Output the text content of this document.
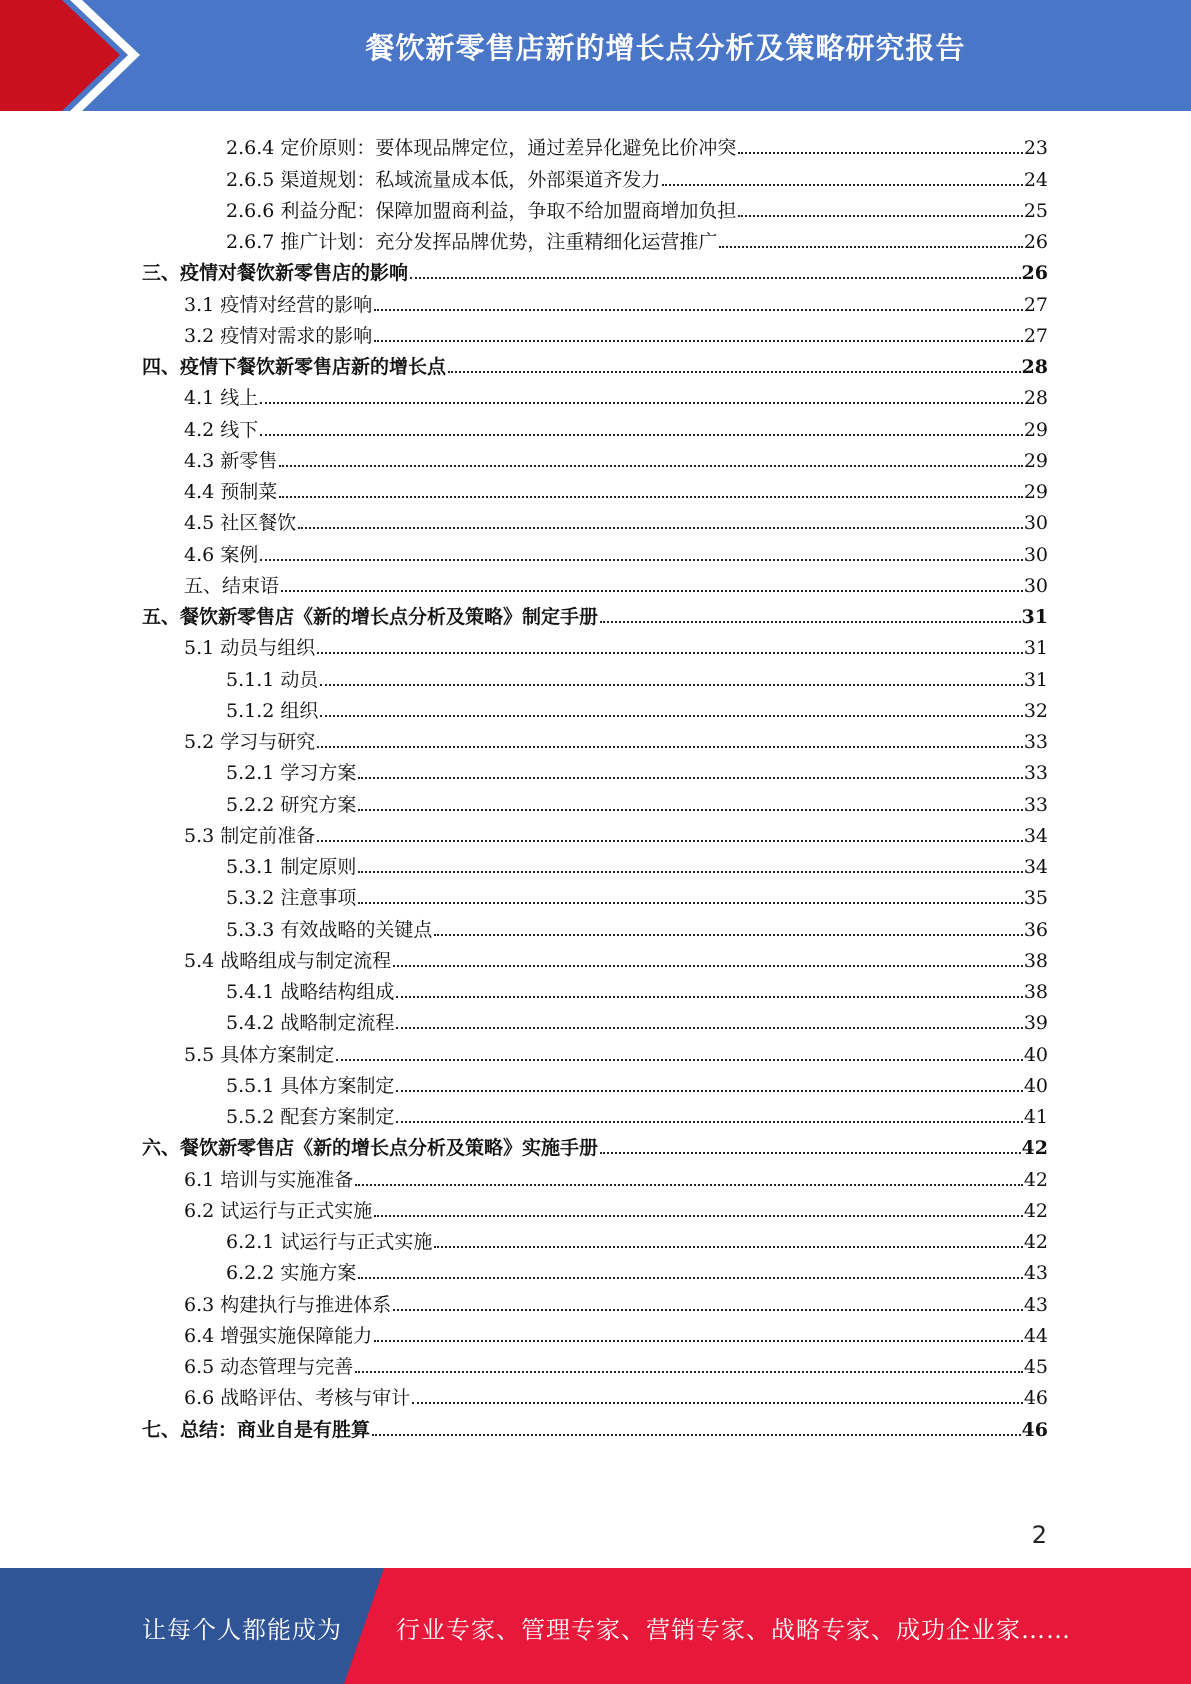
餐饮新零售店新的增长点分析及策略研究报告
2.6.4 定价原则：要体现品牌定位，通过差异化避免比价冲突	23
2.6.5 渠道规划：私域流量成本低，外部渠道齐发力	24
2.6.6 利益分配：保障加盟商利益，争取不给加盟商增加负担	25
2.6.7 推广计划：充分发挥品牌优势，注重精细化运营推广	26
三、疫情对餐饮新零售店的影响	26
3.1 疫情对经营的影响	27
3.2 疫情对需求的影响	27
四、疫情下餐饮新零售店新的增长点	28
4.1 线上	28
4.2 线下	29
4.3 新零售	29
4.4 预制菜	29
4.5 社区餐饮	30
4.6 案例	30
五、结束语	30
五、餐饮新零售店《新的增长点分析及策略》制定手册	31
5.1 动员与组织	31
5.1.1 动员	31
5.1.2 组织	32
5.2 学习与研究	33
5.2.1 学习方案	33
5.2.2 研究方案	33
5.3 制定前准备	34
5.3.1 制定原则	34
5.3.2 注意事项	35
5.3.3 有效战略的关键点	36
5.4 战略组成与制定流程	38
5.4.1 战略结构组成	38
5.4.2 战略制定流程	39
5.5 具体方案制定	40
5.5.1 具体方案制定	40
5.5.2 配套方案制定	41
六、餐饮新零售店《新的增长点分析及策略》实施手册	42
6.1 培训与实施准备	42
6.2 试运行与正式实施	42
6.2.1 试运行与正式实施	42
6.2.2 实施方案	43
6.3 构建执行与推进体系	43
6.4 增强实施保障能力	44
6.5 动态管理与完善	45
6.6 战略评估、考核与审计	46
七、总结：商业自是有胜算	46
2
让每个人都能成为 行业专家、管理专家、营销专家、战略专家、成功企业家……
